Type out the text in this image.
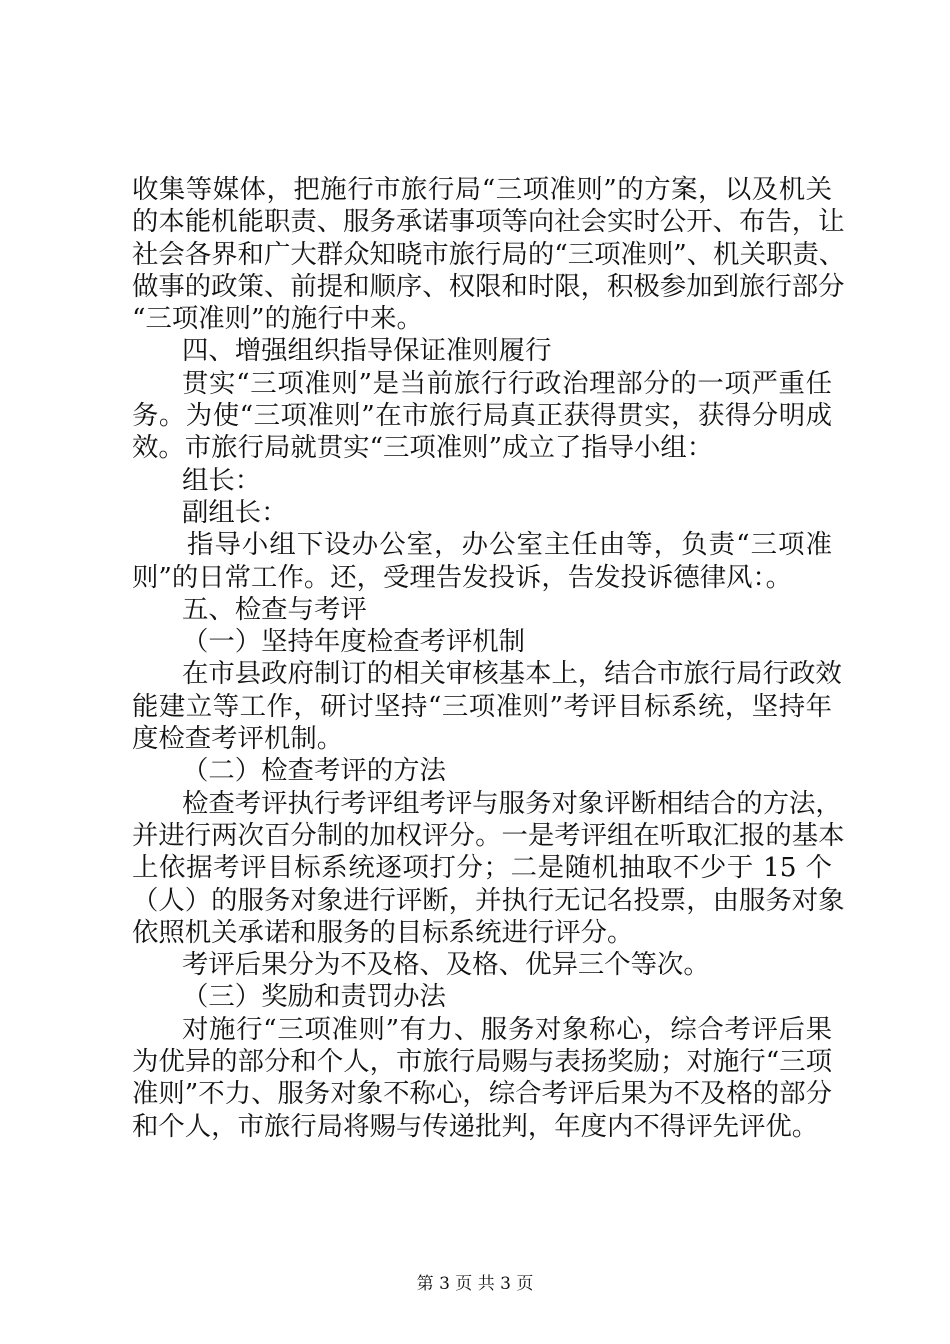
收集等媒体，把施行市旅行局“三项准则”的方案，以及机关
的本能机能职责、服务承诺事项等向社会实时公开、布告，让
社会各界和广大群众知晓市旅行局的“三项准则”、机关职责、
做事的政策、前提和顺序、权限和时限，积极参加到旅行部分
“三项准则”的施行中来。
四、增强组织指导保证准则履行
贯实“三项准则”是当前旅行行政治理部分的一项严重任
务。为使“三项准则”在市旅行局真正获得贯实，获得分明成
效。市旅行局就贯实“三项准则”成立了指导小组：
组长：
副组长：
指导小组下设办公室，办公室主任由等，负责“三项准
则”的日常工作。还，受理告发投诉，告发投诉德律风：。
五、检查与考评
（一）坚持年度检查考评机制
在市县政府制订的相关审核基本上，结合市旅行局行政效
能建立等工作，研讨坚持“三项准则”考评目标系统，坚持年
度检查考评机制。
（二）检查考评的方法
检查考评执行考评组考评与服务对象评断相结合的方法，
并进行两次百分制的加权评分。一是考评组在听取汇报的基本
上依据考评目标系统逐项打分；二是随机抽取不少于 15 个
（人）的服务对象进行评断，并执行无记名投票，由服务对象
依照机关承诺和服务的目标系统进行评分。
考评后果分为不及格、及格、优异三个等次。
（三）奖励和责罚办法
对施行“三项准则”有力、服务对象称心，综合考评后果
为优异的部分和个人，市旅行局赐与表扬奖励；对施行“三项
准则”不力、服务对象不称心，综合考评后果为不及格的部分
和个人，市旅行局将赐与传递批判，年度内不得评先评优。
第 3 页 共 3 页
